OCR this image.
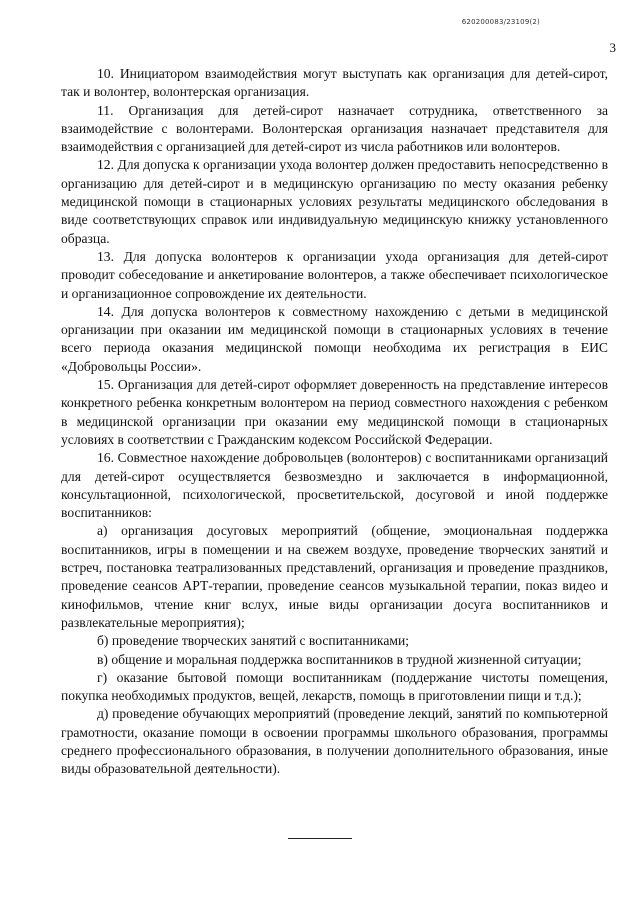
620200083/23109(2)
3

10. Инициатором взаимодействия могут выступать как организация для детей-сирот, так и волонтер, волонтерская организация.

11. Организация для детей-сирот назначает сотрудника, ответственного за взаимодействие с волонтерами. Волонтерская организация назначает представителя для взаимодействия с организацией для детей-сирот из числа работников или волонтеров.

12. Для допуска к организации ухода волонтер должен предоставить непосредственно в организацию для детей-сирот и в медицинскую организацию по месту оказания ребенку медицинской помощи в стационарных условиях результаты медицинского обследования в виде соответствующих справок или индивидуальную медицинскую книжку установленного образца.

13. Для допуска волонтеров к организации ухода организация для детей-сирот проводит собеседование и анкетирование волонтеров, а также обеспечивает психологическое и организационное сопровождение их деятельности.

14. Для допуска волонтеров к совместному нахождению с детьми в медицинской организации при оказании им медицинской помощи в стационарных условиях в течение всего периода оказания медицинской помощи необходима их регистрация в ЕИС «Добровольцы России».

15. Организация для детей-сирот оформляет доверенность на представление интересов конкретного ребенка конкретным волонтером на период совместного нахождения с ребенком в медицинской организации при оказании ему медицинской помощи в стационарных условиях в соответствии с Гражданским кодексом Российской Федерации.

16. Совместное нахождение добровольцев (волонтеров) с воспитанниками организаций для детей-сирот осуществляется безвозмездно и заключается в информационной, консультационной, психологической, просветительской, досуговой и иной поддержке воспитанников:

а) организация досуговых мероприятий (общение, эмоциональная поддержка воспитанников, игры в помещении и на свежем воздухе, проведение творческих занятий и встреч, постановка театрализованных представлений, организация и проведение праздников, проведение сеансов АРТ-терапии, проведение сеансов музыкальной терапии, показ видео и кинофильмов, чтение книг вслух, иные виды организации досуга воспитанников и развлекательные мероприятия);

б) проведение творческих занятий с воспитанниками;

в) общение и моральная поддержка воспитанников в трудной жизненной ситуации;

г) оказание бытовой помощи воспитанникам (поддержание чистоты помещения, покупка необходимых продуктов, вещей, лекарств, помощь в приготовлении пищи и т.д.);

д) проведение обучающих мероприятий (проведение лекций, занятий по компьютерной грамотности, оказание помощи в освоении программы школьного образования, программы среднего профессионального образования, в получении дополнительного образования, иные виды образовательной деятельности).
